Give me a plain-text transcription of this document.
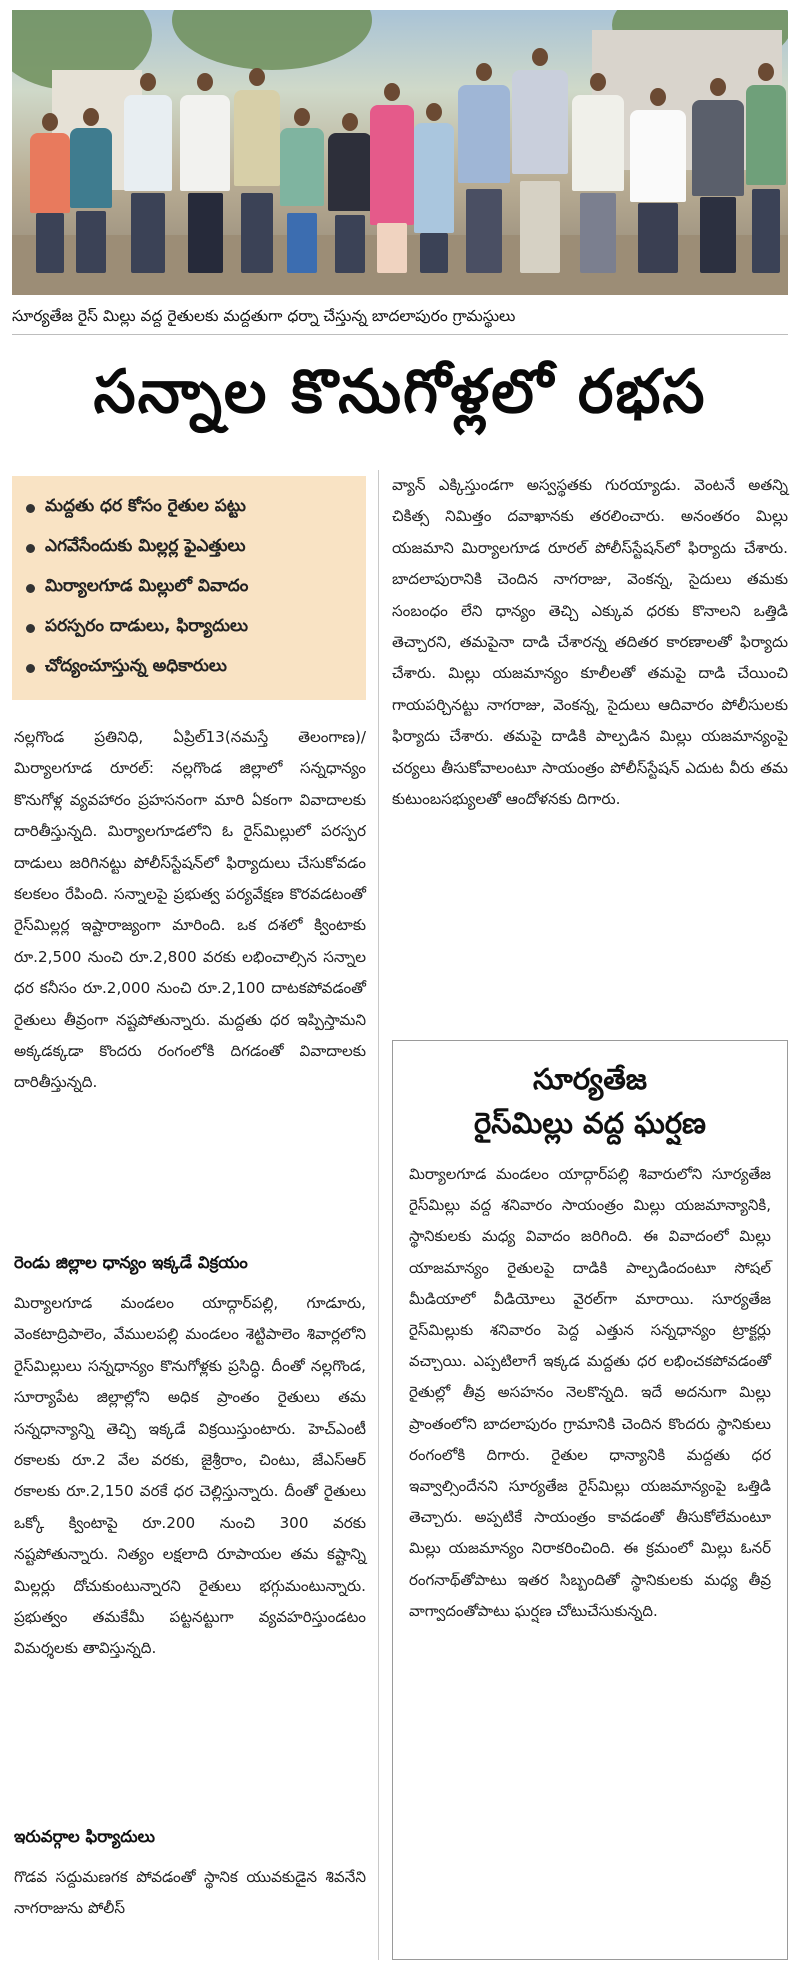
సూర్యతేజ రైస్ మిల్లు వద్ద రైతులకు మద్దతుగా ధర్నా చేస్తున్న బాదలాపురం గ్రామస్థులు
సన్నాల కొనుగోళ్లలో రభస
మద్దతు ధర కోసం రైతుల పట్టు
ఎగవేసేందుకు మిల్లర్ల ఫైఎత్తులు
మిర్యాలగూడ మిల్లులో వివాదం
పరస్పరం దాడులు, ఫిర్యాదులు
చోద్యంచూస్తున్న అధికారులు

నల్లగొండ ప్రతినిధి, ఏప్రిల్13(నమస్తే తెలంగాణ)/మిర్యాలగూడ రూరల్: నల్లగొండ జిల్లాలో సన్నధాన్యం కొనుగోళ్ల వ్యవహారం ప్రహసనంగా మారి ఏకంగా వివాదాలకు దారితీస్తున్నది. మిర్యాలగూడలోని ఓ రైస్‌మిల్లులో పరస్పర దాడులు జరిగినట్టు పోలీస్‌స్టేషన్‌లో ఫిర్యాదులు చేసుకోవడం కలకలం రేపింది. సన్నాలపై ప్రభుత్వ పర్యవేక్షణ కొరవడటంతో రైస్‌మిల్లర్ల ఇష్టారాజ్యంగా మారింది. ఒక దశలో క్వింటాకు రూ.2,500 నుంచి రూ.2,800 వరకు లభించాల్సిన సన్నాల ధర కనీసం రూ.2,000 నుంచి రూ.2,100 దాటకపోవడంతో రైతులు తీవ్రంగా నష్టపోతున్నారు. మద్దతు ధర ఇప్పిస్తామని అక్కడక్కడా కొందరు రంగంలోకి దిగడంతో వివాదాలకు దారితీస్తున్నది.

రెండు జిల్లాల ధాన్యం ఇక్కడే విక్రయం

మిర్యాలగూడ మండలం యాద్గార్‌పల్లి, గూడూరు, వెంకటాద్రిపాలెం, వేములపల్లి మండలం శెట్టిపాలెం శివార్లలోని రైస్‌మిల్లులు సన్నధాన్యం కొనుగోళ్లకు ప్రసిద్ధి. దీంతో నల్లగొండ, సూర్యాపేట జిల్లాల్లోని అధిక ప్రాంతం రైతులు తమ సన్నధాన్యాన్ని తెచ్చి ఇక్కడే విక్రయిస్తుంటారు. హెచ్‌ఎంటీ రకాలకు రూ.2 వేల వరకు, జైశ్రీరాం, చింటు, జేఎస్‌ఆర్ రకాలకు రూ.2,150 వరకే ధర చెల్లిస్తున్నారు. దీంతో రైతులు ఒక్కో క్వింటాపై రూ.200 నుంచి 300 వరకు నష్టపోతున్నారు. నిత్యం లక్షలాది రూపాయల తమ కష్టాన్ని మిల్లర్లు దోచుకుంటున్నారని రైతులు భగ్గుమంటున్నారు. ప్రభుత్వం తమకేమీ పట్టనట్టుగా వ్యవహరిస్తుండటం విమర్శలకు తావిస్తున్నది.

ఇరువర్గాల ఫిర్యాదులు

గొడవ సద్దుమణగక పోవడంతో స్థానిక యువకుడైన శివనేని నాగరాజును పోలీస్

వ్యాన్ ఎక్కిస్తుండగా అస్వస్థతకు గురయ్యాడు. వెంటనే అతన్ని చికిత్స నిమిత్తం దవాఖానకు తరలించారు. అనంతరం మిల్లు యజమాని మిర్యాలగూడ రూరల్ పోలీస్‌స్టేషన్‌లో ఫిర్యాదు చేశారు. బాదలాపురానికి చెందిన నాగరాజు, వెంకన్న, సైదులు తమకు సంబంధం లేని ధాన్యం తెచ్చి ఎక్కువ ధరకు కొనాలని ఒత్తిడి తెచ్చారని, తమపైనా దాడి చేశారన్న తదితర కారణాలతో ఫిర్యాదు చేశారు. మిల్లు యజమాన్యం కూలీలతో తమపై దాడి చేయించి గాయపర్చినట్టు నాగరాజు, వెంకన్న, సైదులు ఆదివారం పోలీసులకు ఫిర్యాదు చేశారు. తమపై దాడికి పాల్పడిన మిల్లు యజమాన్యంపై చర్యలు తీసుకోవాలంటూ సాయంత్రం పోలీస్‌స్టేషన్ ఎదుట వీరు తమ కుటుంబసభ్యులతో ఆందోళనకు దిగారు.

సూర్యతేజ
రైస్‌మిల్లు వద్ద ఘర్షణ

మిర్యాలగూడ మండలం యాద్గార్‌పల్లి శివారులోని సూర్యతేజ రైస్‌మిల్లు వద్ద శనివారం సాయంత్రం మిల్లు యజమాన్యానికి, స్థానికులకు మధ్య వివాదం జరిగింది. ఈ వివాదంలో మిల్లు యాజమాన్యం రైతులపై దాడికి పాల్పడిందంటూ సోషల్ మీడియాలో వీడియోలు వైరల్‌గా మారాయి. సూర్యతేజ రైస్‌మిల్లుకు శనివారం పెద్ద ఎత్తున సన్నధాన్యం ట్రాక్టర్లు వచ్చాయి. ఎప్పటిలాగే ఇక్కడ మద్దతు ధర లభించకపోవడంతో రైతుల్లో తీవ్ర అసహనం నెలకొన్నది. ఇదే అదనుగా మిల్లు ప్రాంతంలోని బాదలాపురం గ్రామానికి చెందిన కొందరు స్థానికులు రంగంలోకి దిగారు. రైతుల ధాన్యానికి మద్దతు ధర ఇవ్వాల్సిందేనని సూర్యతేజ రైస్‌మిల్లు యజమాన్యంపై ఒత్తిడి తెచ్చారు. అప్పటికే సాయంత్రం కావడంతో తీసుకోలేమంటూ మిల్లు యజమాన్యం నిరాకరించింది. ఈ క్రమంలో మిల్లు ఓనర్ రంగనాథ్‌తోపాటు ఇతర సిబ్బందితో స్థానికులకు మధ్య తీవ్ర వాగ్వాదంతోపాటు ఘర్షణ చోటుచేసుకున్నది.
